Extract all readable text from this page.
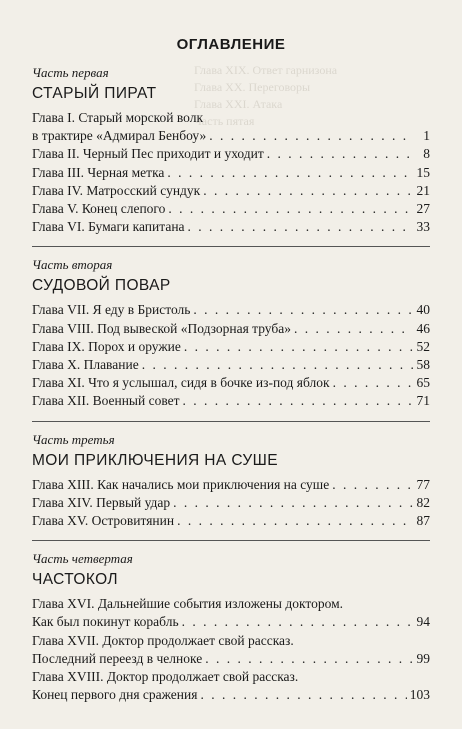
Глава XIX. Ответ гарнизона
Глава XX. Переговоры
Глава XXI. Атака
Часть пятая
ОГЛАВЛЕНИЕ
Часть первая
СТАРЫЙ ПИРАТ
Глава I. Старый морской волк
в трактире «Адмирал Бенбоу» . . .	1
Глава II. Черный Пес приходит и уходит . . .	8
Глава III. Черная метка . . .	15
Глава IV. Матросский сундук . . .	21
Глава V. Конец слепого . . .	27
Глава VI. Бумаги капитана . . .	33
Часть вторая
СУДОВОЙ ПОВАР
Глава VII. Я еду в Бристоль . . .	40
Глава VIII. Под вывеской «Подзорная труба» . . .	46
Глава IX. Порох и оружие . . .	52
Глава X. Плавание . . .	58
Глава XI. Что я услышал, сидя в бочке из-под яблок . . .	65
Глава XII. Военный совет . . .	71
Часть третья
МОИ ПРИКЛЮЧЕНИЯ НА СУШЕ
Глава XIII. Как начались мои приключения на суше . . .	77
Глава XIV. Первый удар . . .	82
Глава XV. Островитянин . . .	87
Часть четвертая
ЧАСТОКОЛ
Глава XVI. Дальнейшие события изложены доктором.
Как был покинут корабль . . .	94
Глава XVII. Доктор продолжает свой рассказ.
Последний переезд в челноке . . .	99
Глава XVIII. Доктор продолжает свой рассказ.
Конец первого дня сражения . . .	103
